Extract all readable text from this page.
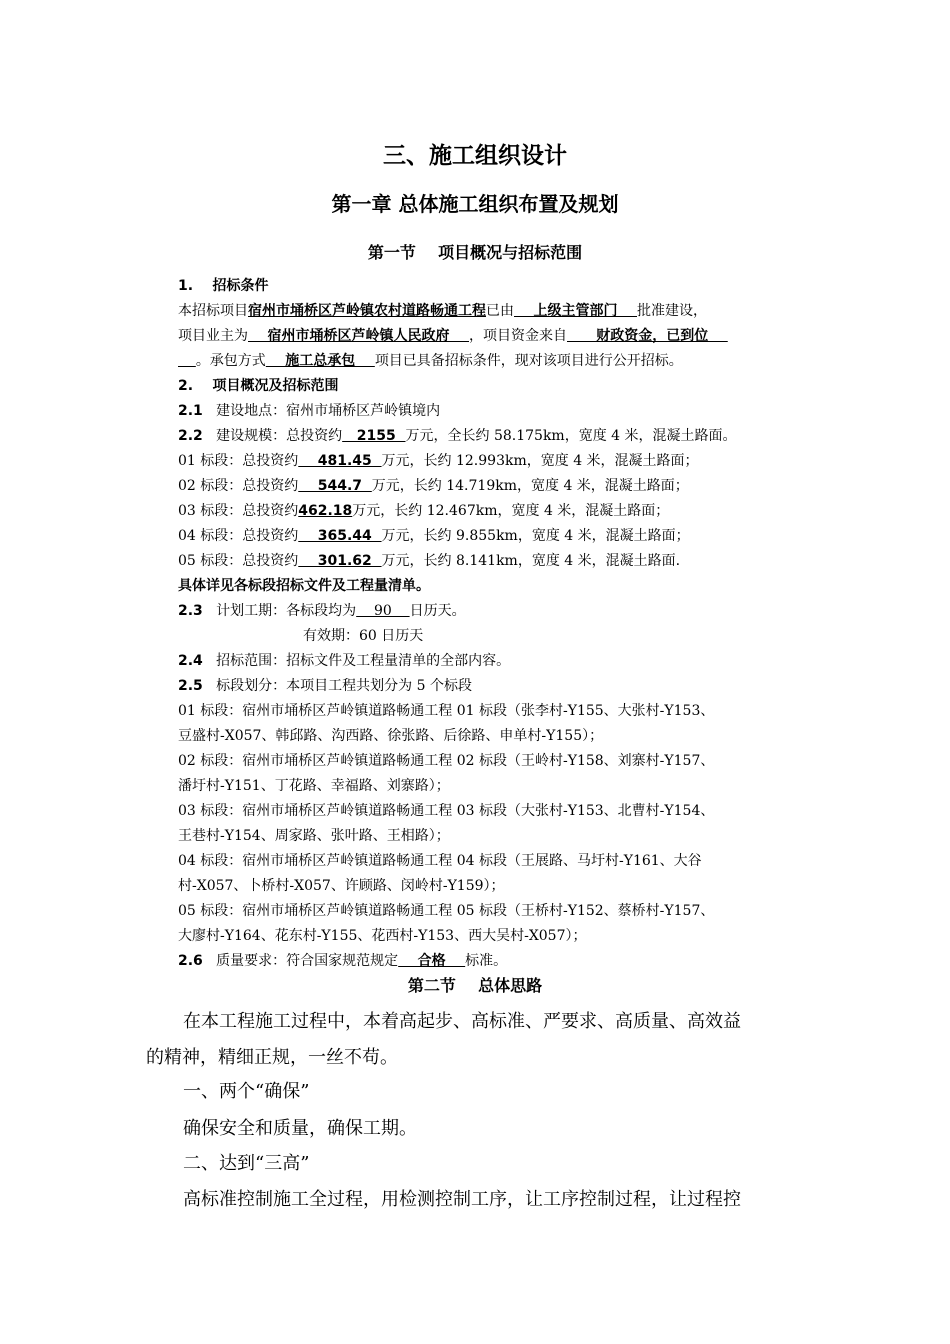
三、施工组织设计
第一章 总体施工组织布置及规划
第一节    项目概况与招标范围
1.    招标条件
本招标项目宿州市埇桥区芦岭镇农村道路畅通工程已由    上级主管部门    批准建设，
项目业主为    宿州市埇桥区芦岭镇人民政府    ，项目资金来自      财政资金，已到位
。承包方式    施工总承包    项目已具备招标条件，现对该项目进行公开招标。
2.    项目概况及招标范围
2.1   建设地点：宿州市埇桥区芦岭镇境内
2.2   建设规模：总投资约   2155  万元，全长约 58.175km，宽度 4 米，混凝土路面。
01 标段：总投资约    481.45  万元，长约 12.993km，宽度 4 米，混凝土路面；
02 标段：总投资约    544.7  万元，长约 14.719km，宽度 4 米，混凝土路面；
03 标段：总投资约462.18万元，长约 12.467km，宽度 4 米，混凝土路面；
04 标段：总投资约    365.44  万元，长约 9.855km，宽度 4 米，混凝土路面；
05 标段：总投资约    301.62  万元，长约 8.141km，宽度 4 米，混凝土路面.
具体详见各标段招标文件及工程量清单。
2.3   计划工期：各标段均为    90    日历天。
有效期：60 日历天
2.4   招标范围：招标文件及工程量清单的全部内容。
2.5   标段划分：本项目工程共划分为 5 个标段
01 标段：宿州市埇桥区芦岭镇道路畅通工程 01 标段（张李村-Y155、大张村-Y153、
豆盛村-X057、韩邱路、沟西路、徐张路、后徐路、申单村-Y155）；
02 标段：宿州市埇桥区芦岭镇道路畅通工程 02 标段（王岭村-Y158、刘寨村-Y157、
潘圩村-Y151、丁花路、幸福路、刘寨路）；
03 标段：宿州市埇桥区芦岭镇道路畅通工程 03 标段（大张村-Y153、北曹村-Y154、
王巷村-Y154、周家路、张叶路、王相路）；
04 标段：宿州市埇桥区芦岭镇道路畅通工程 04 标段（王展路、马圩村-Y161、大谷
村-X057、卜桥村-X057、许顾路、闵岭村-Y159）；
05 标段：宿州市埇桥区芦岭镇道路畅通工程 05 标段（王桥村-Y152、蔡桥村-Y157、
大廖村-Y164、花东村-Y155、花西村-Y153、西大吴村-X057）；
2.6   质量要求：符合国家规范规定    合格    标准。
第二节    总体思路
在本工程施工过程中，本着高起步、高标准、严要求、高质量、高效益
的精神，精细正规，一丝不苟。
一、两个“确保”
确保安全和质量，确保工期。
二、达到“三高”
高标准控制施工全过程，用检测控制工序，让工序控制过程，让过程控
